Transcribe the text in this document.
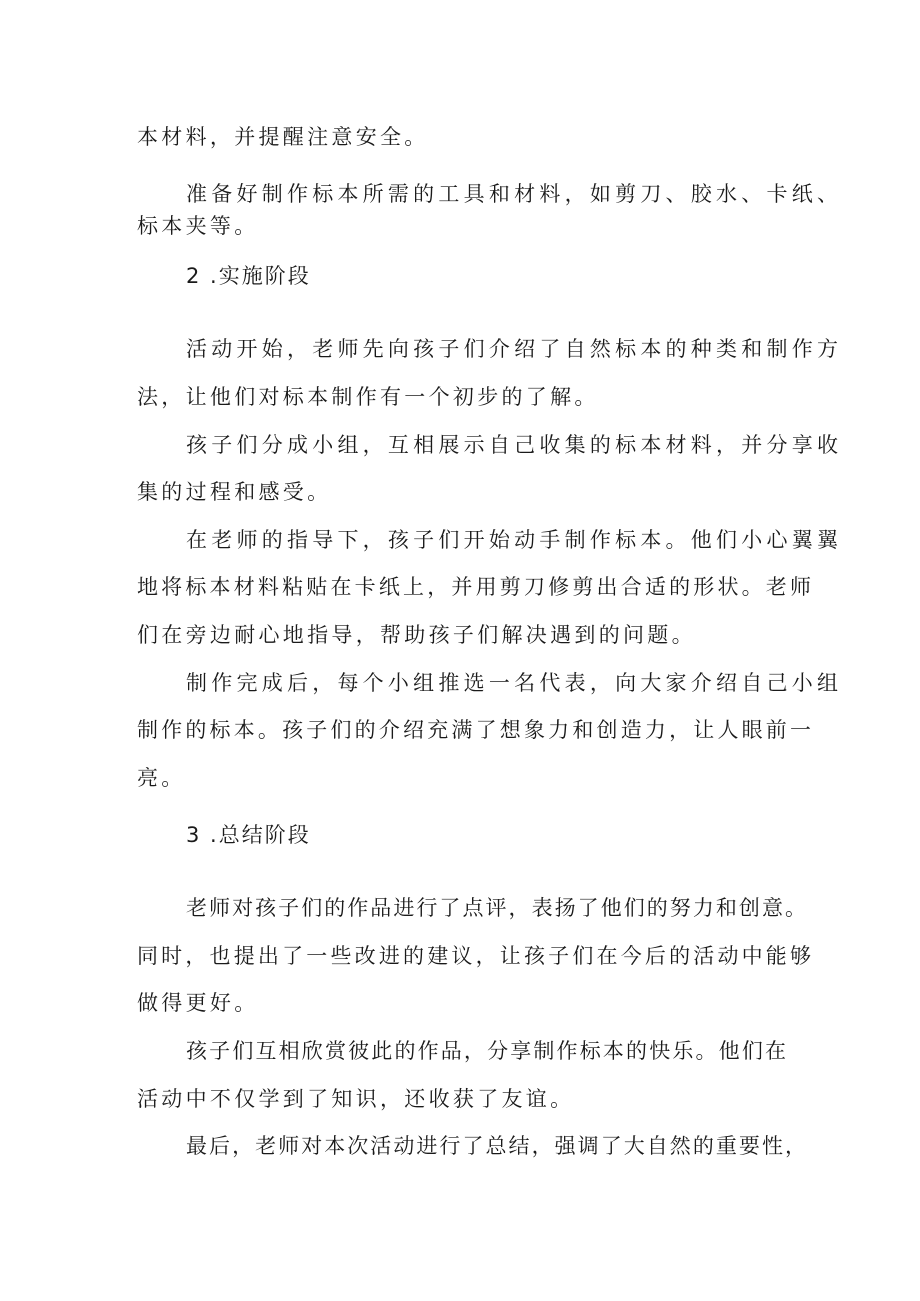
本材料，并提醒注意安全。
准备好制作标本所需的工具和材料，如剪刀、胶水、卡纸、
标本夹等。
2 .实施阶段
活动开始，老师先向孩子们介绍了自然标本的种类和制作方
法，让他们对标本制作有一个初步的了解。
孩子们分成小组，互相展示自己收集的标本材料，并分享收
集的过程和感受。
在老师的指导下，孩子们开始动手制作标本。他们小心翼翼
地将标本材料粘贴在卡纸上，并用剪刀修剪出合适的形状。老师
们在旁边耐心地指导，帮助孩子们解决遇到的问题。
制作完成后，每个小组推选一名代表，向大家介绍自己小组
制作的标本。孩子们的介绍充满了想象力和创造力，让人眼前一
亮。
3 .总结阶段
老师对孩子们的作品进行了点评，表扬了他们的努力和创意。
同时，也提出了一些改进的建议，让孩子们在今后的活动中能够
做得更好。
孩子们互相欣赏彼此的作品，分享制作标本的快乐。他们在
活动中不仅学到了知识，还收获了友谊。
最后，老师对本次活动进行了总结，强调了大自然的重要性，
